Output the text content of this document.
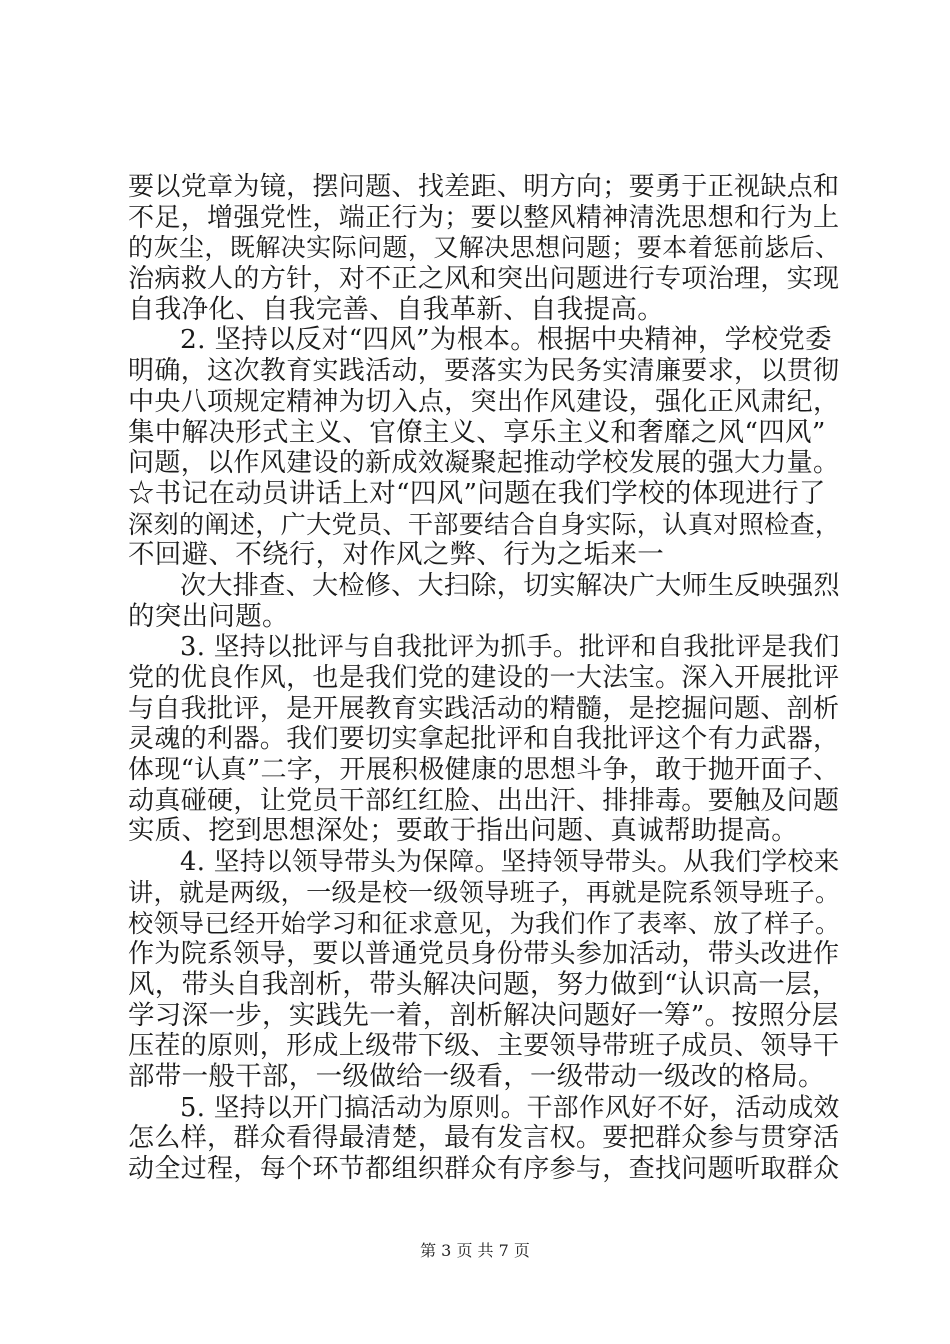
要以党章为镜，摆问题、找差距、明方向；要勇于正视缺点和
不足，增强党性，端正行为；要以整风精神清洗思想和行为上
的灰尘，既解决实际问题，又解决思想问题；要本着惩前毖后、
治病救人的方针，对不正之风和突出问题进行专项治理，实现
自我净化、自我完善、自我革新、自我提高。
2. 坚持以反对“四风”为根本。根据中央精神，学校党委
明确，这次教育实践活动，要落实为民务实清廉要求，以贯彻
中央八项规定精神为切入点，突出作风建设，强化正风肃纪，
集中解决形式主义、官僚主义、享乐主义和奢靡之风“四风”
问题，以作风建设的新成效凝聚起推动学校发展的强大力量。
☆书记在动员讲话上对“四风”问题在我们学校的体现进行了
深刻的阐述，广大党员、干部要结合自身实际，认真对照检查，
不回避、不绕行，对作风之弊、行为之垢来一
次大排查、大检修、大扫除，切实解决广大师生反映强烈
的突出问题。
3. 坚持以批评与自我批评为抓手。批评和自我批评是我们
党的优良作风，也是我们党的建设的一大法宝。深入开展批评
与自我批评，是开展教育实践活动的精髓，是挖掘问题、剖析
灵魂的利器。我们要切实拿起批评和自我批评这个有力武器，
体现“认真”二字，开展积极健康的思想斗争，敢于抛开面子、
动真碰硬，让党员干部红红脸、出出汗、排排毒。要触及问题
实质、挖到思想深处；要敢于指出问题、真诚帮助提高。
4. 坚持以领导带头为保障。坚持领导带头。从我们学校来
讲，就是两级，一级是校一级领导班子，再就是院系领导班子。
校领导已经开始学习和征求意见，为我们作了表率、放了样子。
作为院系领导，要以普通党员身份带头参加活动，带头改进作
风，带头自我剖析，带头解决问题，努力做到“认识高一层，
学习深一步，实践先一着，剖析解决问题好一筹”。按照分层
压茬的原则，形成上级带下级、主要领导带班子成员、领导干
部带一般干部，一级做给一级看，一级带动一级改的格局。
5. 坚持以开门搞活动为原则。干部作风好不好，活动成效
怎么样，群众看得最清楚，最有发言权。要把群众参与贯穿活
动全过程，每个环节都组织群众有序参与，查找问题听取群众
第 3 页 共 7 页
